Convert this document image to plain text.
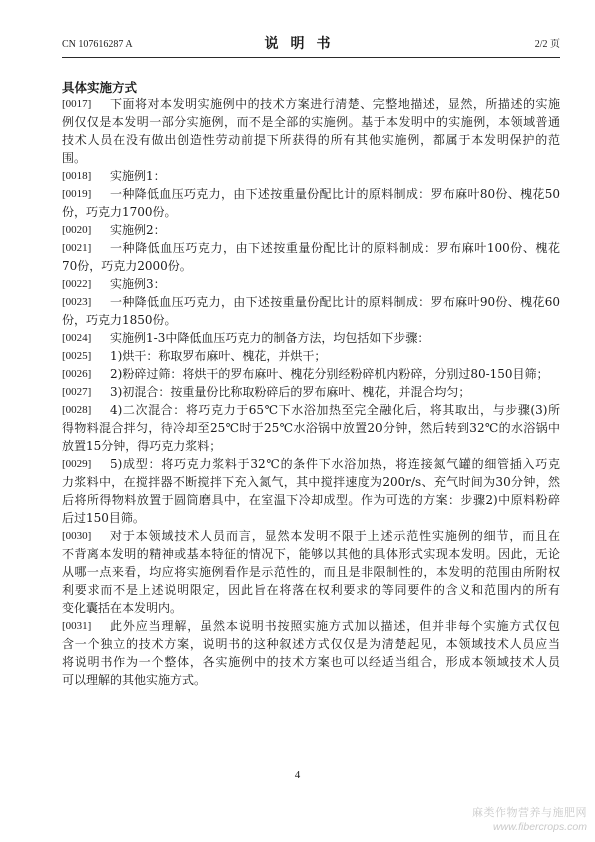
CN 107616287 A	说明书	2/2 页
具体实施方式
[0017] 下面将对本发明实施例中的技术方案进行清楚、完整地描述，显然，所描述的实施
例仅仅是本发明一部分实施例，而不是全部的实施例。基于本发明中的实施例，本领域普通
技术人员在没有做出创造性劳动前提下所获得的所有其他实施例，都属于本发明保护的范
围。
[0018] 实施例1：
[0019] 一种降低血压巧克力，由下述按重量份配比计的原料制成：罗布麻叶80份、槐花50
份，巧克力1700份。
[0020] 实施例2：
[0021] 一种降低血压巧克力，由下述按重量份配比计的原料制成：罗布麻叶100份、槐花
70份，巧克力2000份。
[0022] 实施例3：
[0023] 一种降低血压巧克力，由下述按重量份配比计的原料制成：罗布麻叶90份、槐花60
份，巧克力1850份。
[0024] 实施例1-3中降低血压巧克力的制备方法，均包括如下步骤：
[0025] 1)烘干：称取罗布麻叶、槐花，并烘干；
[0026] 2)粉碎过筛：将烘干的罗布麻叶、槐花分别经粉碎机内粉碎，分别过80-150目筛；
[0027] 3)初混合：按重量份比称取粉碎后的罗布麻叶、槐花，并混合均匀；
[0028] 4)二次混合：将巧克力于65℃下水浴加热至完全融化后，将其取出，与步骤(3)所
得物料混合拌匀，待冷却至25℃时于25℃水浴锅中放置20分钟，然后转到32℃的水浴锅中
放置15分钟，得巧克力浆料；
[0029] 5)成型：将巧克力浆料于32℃的条件下水浴加热，将连接氮气罐的细管插入巧克
力浆料中，在搅拌器不断搅拌下充入氮气，其中搅拌速度为200r/s、充气时间为30分钟，然
后将所得物料放置于圆筒磨具中，在室温下冷却成型。作为可选的方案：步骤2)中原料粉碎
后过150目筛。
[0030] 对于本领域技术人员而言，显然本发明不限于上述示范性实施例的细节，而且在
不背离本发明的精神或基本特征的情况下，能够以其他的具体形式实现本发明。因此，无论
从哪一点来看，均应将实施例看作是示范性的，而且是非限制性的，本发明的范围由所附权
利要求而不是上述说明限定，因此旨在将落在权利要求的等同要件的含义和范围内的所有
变化囊括在本发明内。
[0031] 此外应当理解，虽然本说明书按照实施方式加以描述，但并非每个实施方式仅包
含一个独立的技术方案，说明书的这种叙述方式仅仅是为清楚起见，本领域技术人员应当
将说明书作为一个整体，各实施例中的技术方案也可以经适当组合，形成本领域技术人员
可以理解的其他实施方式。
4
麻类作物营养与施肥网
www.fibercrops.com
